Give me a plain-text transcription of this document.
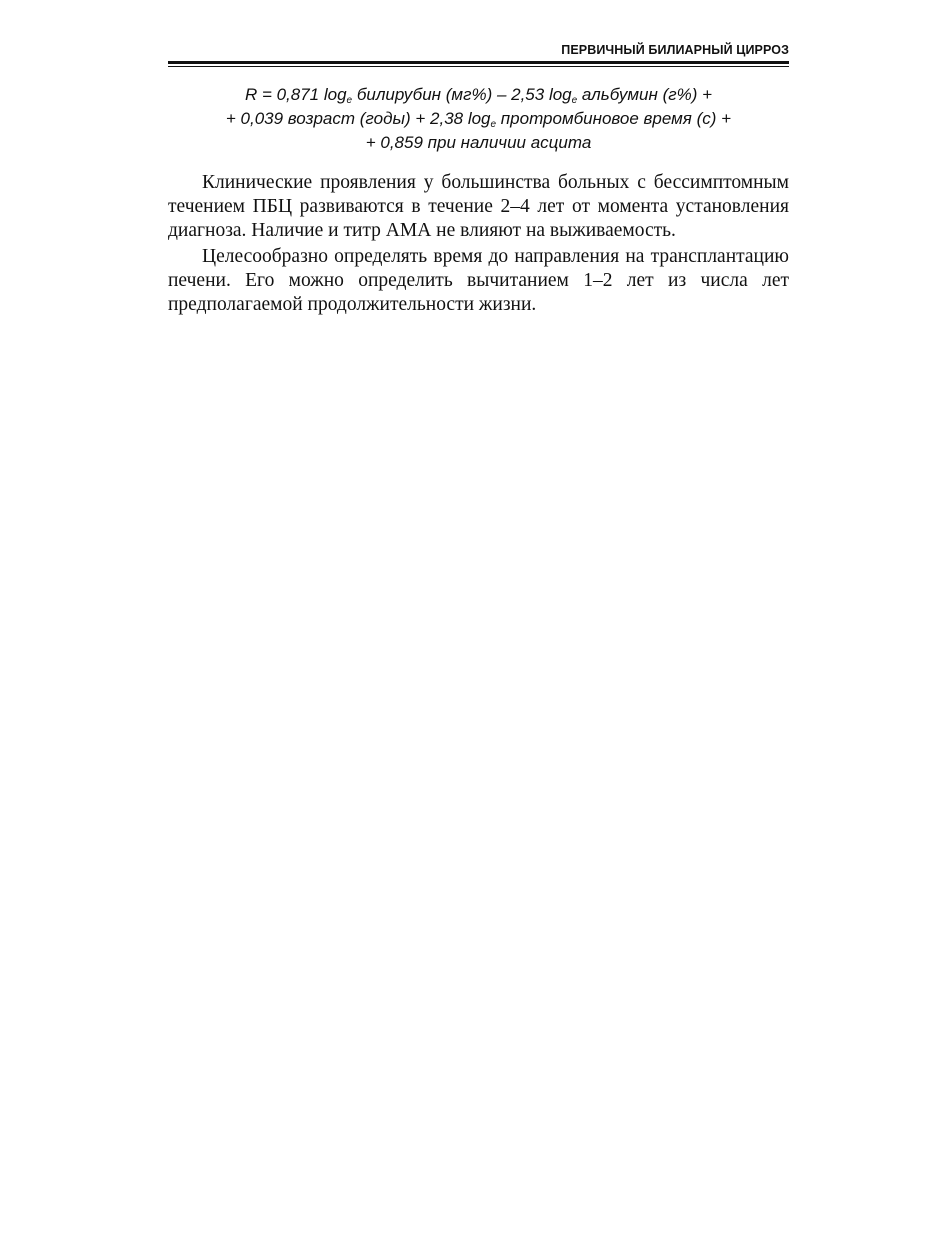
ПЕРВИЧНЫЙ БИЛИАРНЫЙ ЦИРРОЗ
R = 0,871 $\log_e$ билирубин (мг%) – 2,53 $\log_e$ альбумин (г%) +
+ 0,039 возраст (годы) + 2,38 $\log_e$ протромбиновое время (с) +
+ 0,859 при наличии асцита

Клинические проявления у большинства больных с бессимптомным течением ПБЦ развиваются в течение 2–4 лет от момента установления диагноза. Наличие и титр АМА не влияют на выживаемость.

Целесообразно определять время до направления на трансплантацию печени. Его можно определить вычитанием 1–2 лет из числа лет предполагаемой продолжительности жизни.
